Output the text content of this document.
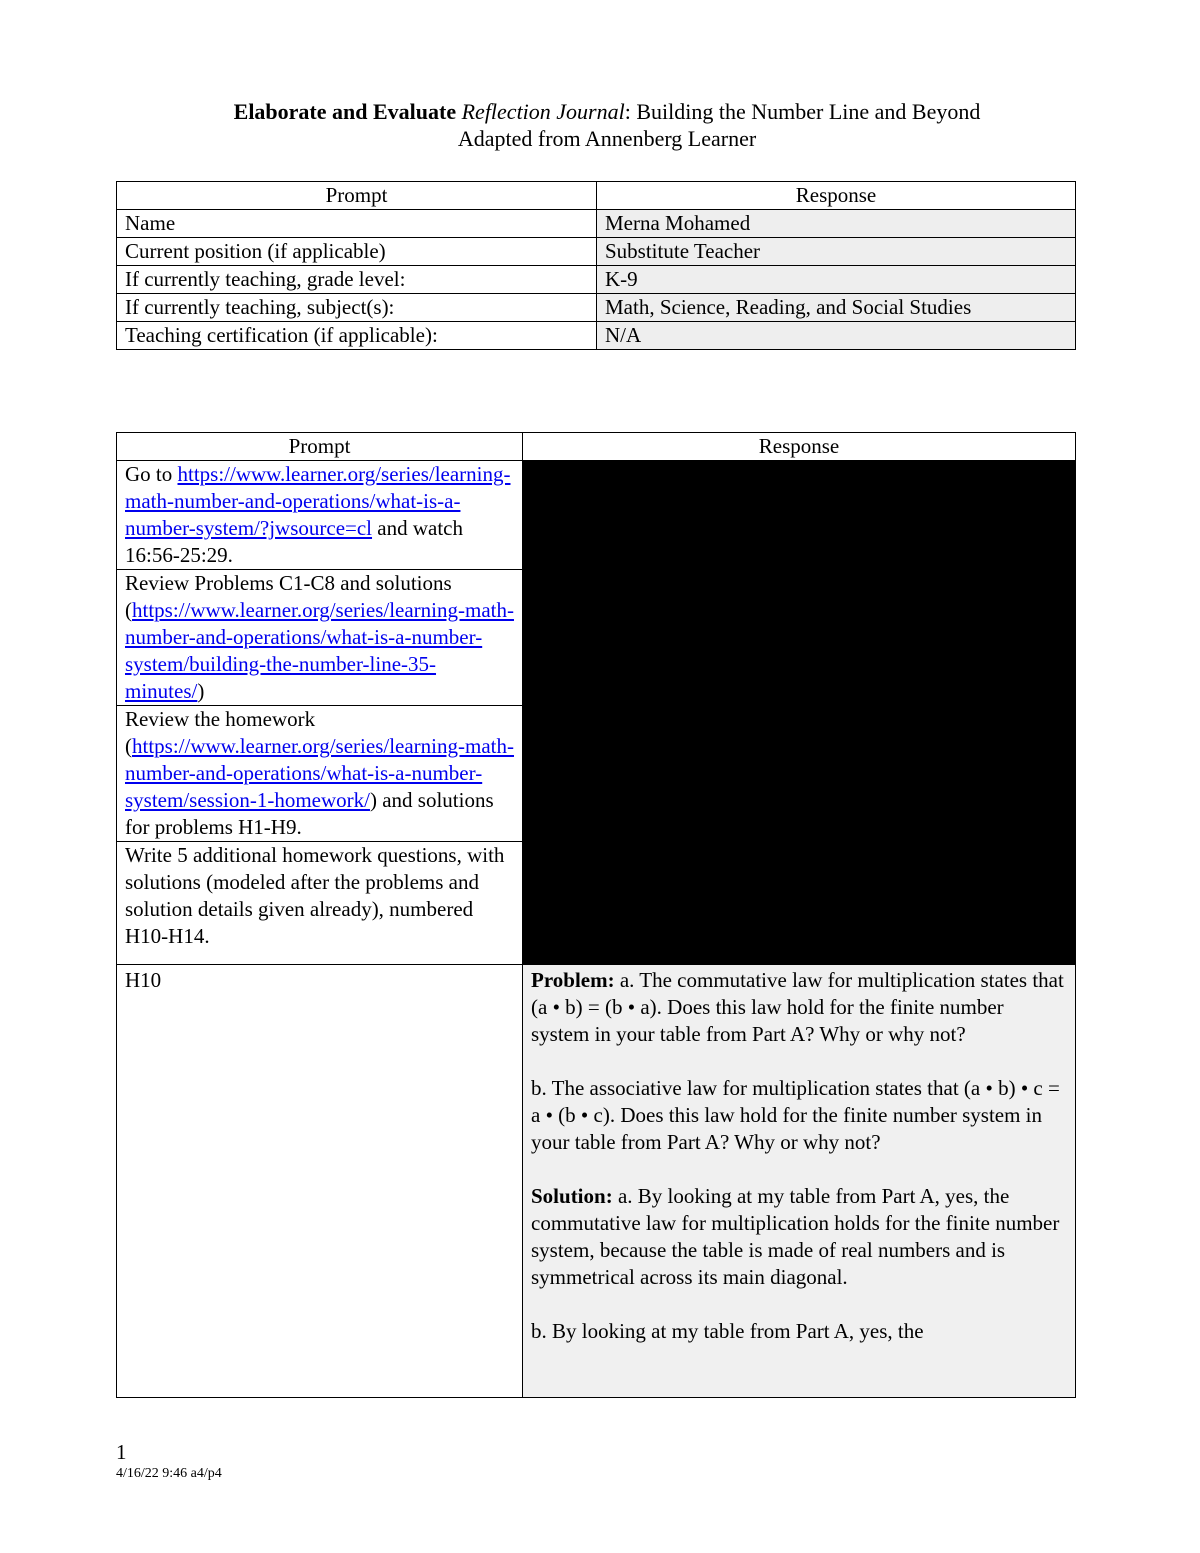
Elaborate and Evaluate Reflection Journal: Building the Number Line and Beyond
Adapted from Annenberg Learner
Prompt	Response
Name	Merna Mohamed
Current position (if applicable)	Substitute Teacher
If currently teaching, grade level:	K-9
If currently teaching, subject(s):	Math, Science, Reading, and Social Studies
Teaching certification (if applicable):	N/A
Prompt	Response
Go to https://www.learner.org/series/learning-math-number-and-operations/what-is-a-number-system/?jwsource=cl and watch 16:56-25:29.	
Review Problems C1-C8 and solutions (https://www.learner.org/series/learning-math-number-and-operations/what-is-a-number-system/building-the-number-line-35-minutes/)	
Review the homework (https://www.learner.org/series/learning-math-number-and-operations/what-is-a-number-system/session-1-homework/) and solutions for problems H1-H9.	
Write 5 additional homework questions, with solutions (modeled after the problems and solution details given already), numbered H10-H14.	
H10	Problem: a. The commutative law for multiplication states that (a • b) = (b • a). Does this law hold for the finite number system in your table from Part A? Why or why not?

b. The associative law for multiplication states that (a • b) • c = a • (b • c). Does this law hold for the finite number system in your table from Part A? Why or why not?

Solution: a. By looking at my table from Part A, yes, the commutative law for multiplication holds for the finite number system, because the table is made of real numbers and is symmetrical across its main diagonal.

b. By looking at my table from Part A, yes, the

1
4/16/22 9:46 a4/p4
